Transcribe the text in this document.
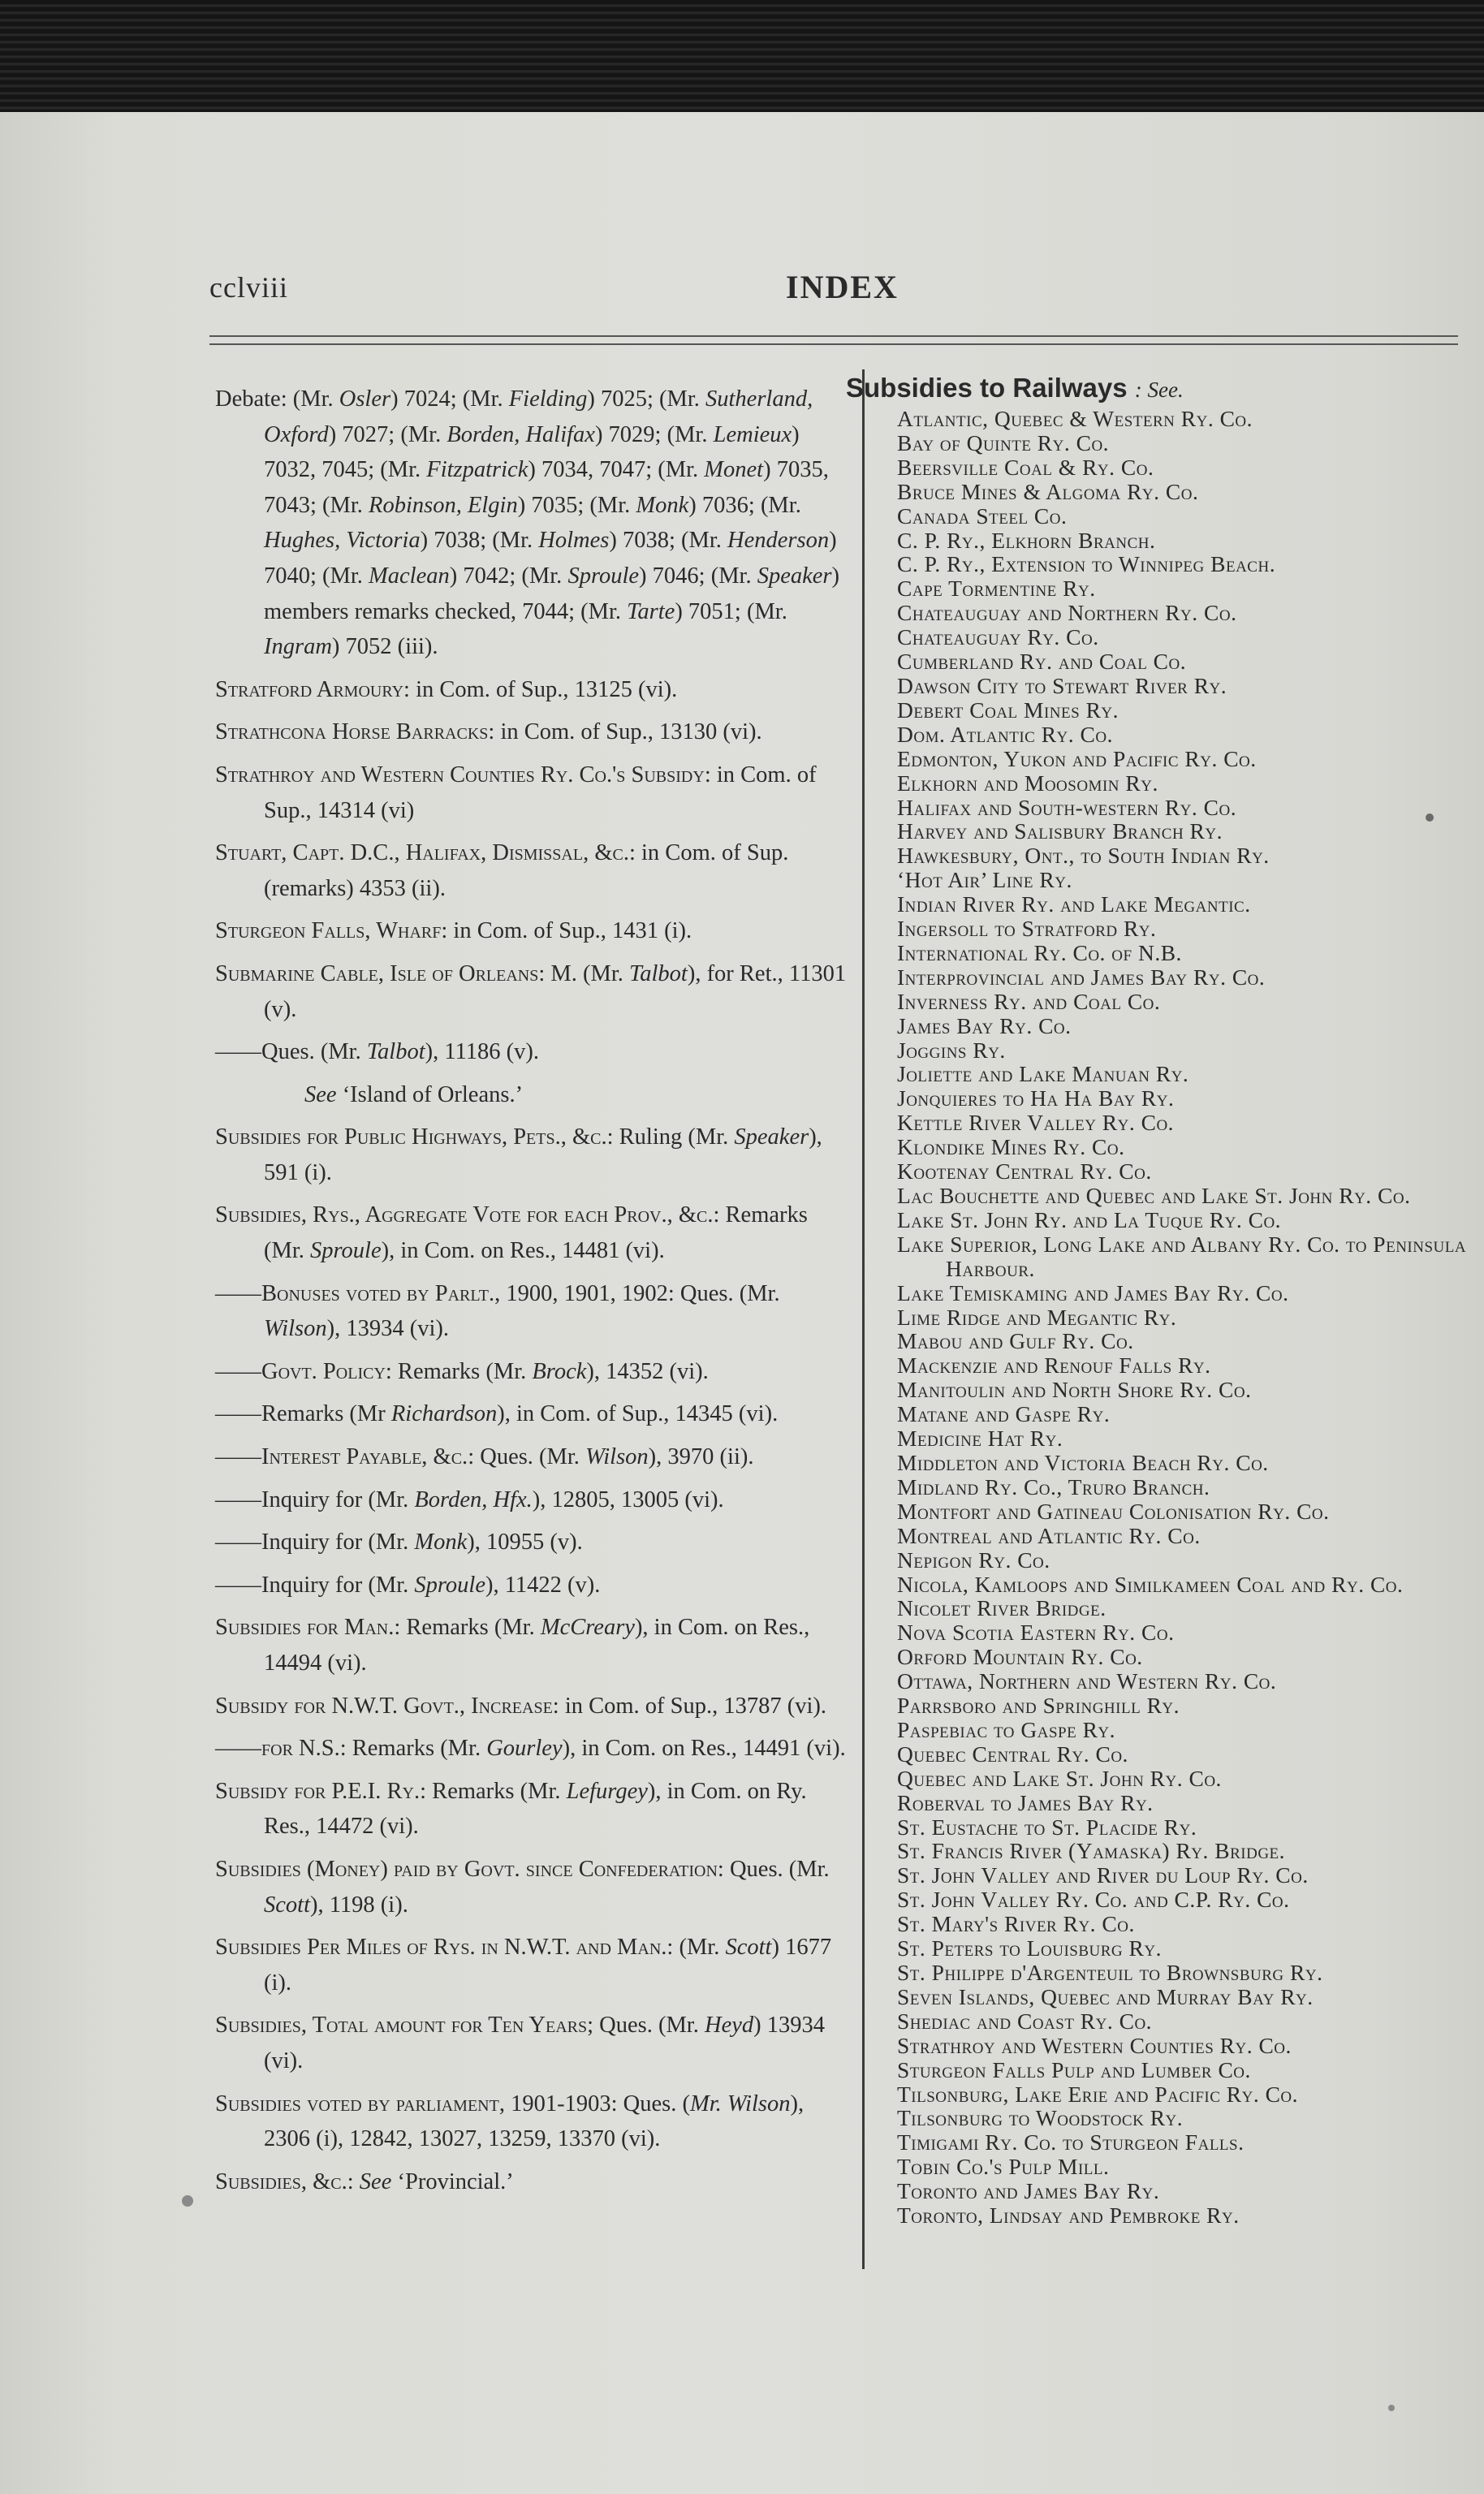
cclviii	INDEX

Debate: (Mr. Osler) 7024; (Mr. Fielding) 7025; (Mr. Sutherland, Oxford) 7027; (Mr. Borden, Halifax) 7029; (Mr. Lemieux) 7032, 7045; (Mr. Fitzpatrick) 7034, 7047; (Mr. Monet) 7035, 7043; (Mr. Robinson, Elgin) 7035; (Mr. Monk) 7036; (Mr. Hughes, Victoria) 7038; (Mr. Holmes) 7038; (Mr. Henderson) 7040; (Mr. Maclean) 7042; (Mr. Sproule) 7046; (Mr. Speaker) members remarks checked, 7044; (Mr. Tarte) 7051; (Mr. Ingram) 7052 (iii).

Stratford Armoury: in Com. of Sup., 13125 (vi).

Strathcona Horse Barracks: in Com. of Sup., 13130 (vi).

Strathroy and Western Counties Ry. Co.'s Subsidy: in Com. of Sup., 14314 (vi)

Stuart, Capt. D.C., Halifax, Dismissal, &c.: in Com. of Sup. (remarks) 4353 (ii).

Sturgeon Falls, Wharf: in Com. of Sup., 1431 (i).

Submarine Cable, Isle of Orleans: M. (Mr. Talbot), for Ret., 11301 (v).

——Ques. (Mr. Talbot), 11186 (v).

See ‘Island of Orleans.’

Subsidies for Public Highways, Pets., &c.: Ruling (Mr. Speaker), 591 (i).

Subsidies, Rys., Aggregate Vote for each Prov., &c.: Remarks (Mr. Sproule), in Com. on Res., 14481 (vi).

——Bonuses voted by Parlt., 1900, 1901, 1902: Ques. (Mr. Wilson), 13934 (vi).

——Govt. Policy: Remarks (Mr. Brock), 14352 (vi).

——Remarks (Mr Richardson), in Com. of Sup., 14345 (vi).

——Interest Payable, &c.: Ques. (Mr. Wilson), 3970 (ii).

——Inquiry for (Mr. Borden, Hfx.), 12805, 13005 (vi).

——Inquiry for (Mr. Monk), 10955 (v).

——Inquiry for (Mr. Sproule), 11422 (v).

Subsidies for Man.: Remarks (Mr. McCreary), in Com. on Res., 14494 (vi).

Subsidy for N.W.T. Govt., Increase: in Com. of Sup., 13787 (vi).

——for N.S.: Remarks (Mr. Gourley), in Com. on Res., 14491 (vi).

Subsidy for P.E.I. Ry.: Remarks (Mr. Lefurgey), in Com. on Ry. Res., 14472 (vi).

Subsidies (Money) paid by Govt. since Confederation: Ques. (Mr. Scott), 1198 (i).

Subsidies Per Miles of Rys. in N.W.T. and Man.: (Mr. Scott) 1677 (i).

Subsidies, Total amount for Ten Years; Ques. (Mr. Heyd) 13934 (vi).

Subsidies voted by parliament, 1901-1903: Ques. (Mr. Wilson), 2306 (i), 12842, 13027, 13259, 13370 (vi).

Subsidies, &c.: See ‘Provincial.’

Subsidies to Railways : See.
Atlantic, Quebec & Western Ry. Co.
Bay of Quinte Ry. Co.
Beersville Coal & Ry. Co.
Bruce Mines & Algoma Ry. Co.
Canada Steel Co.
C. P. Ry., Elkhorn Branch.
C. P. Ry., Extension to Winnipeg Beach.
Cape Tormentine Ry.
Chateauguay and Northern Ry. Co.
Chateauguay Ry. Co.
Cumberland Ry. and Coal Co.
Dawson City to Stewart River Ry.
Debert Coal Mines Ry.
Dom. Atlantic Ry. Co.
Edmonton, Yukon and Pacific Ry. Co.
Elkhorn and Moosomin Ry.
Halifax and South-western Ry. Co.
Harvey and Salisbury Branch Ry.
Hawkesbury, Ont., to South Indian Ry.
‘Hot Air’ Line Ry.
Indian River Ry. and Lake Megantic.
Ingersoll to Stratford Ry.
International Ry. Co. of N.B.
Interprovincial and James Bay Ry. Co.
Inverness Ry. and Coal Co.
James Bay Ry. Co.
Joggins Ry.
Joliette and Lake Manuan Ry.
Jonquieres to Ha Ha Bay Ry.
Kettle River Valley Ry. Co.
Klondike Mines Ry. Co.
Kootenay Central Ry. Co.
Lac Bouchette and Quebec and Lake St. John Ry. Co.
Lake St. John Ry. and La Tuque Ry. Co.
Lake Superior, Long Lake and Albany Ry. Co. to Peninsula Harbour.
Lake Temiskaming and James Bay Ry. Co.
Lime Ridge and Megantic Ry.
Mabou and Gulf Ry. Co.
Mackenzie and Renouf Falls Ry.
Manitoulin and North Shore Ry. Co.
Matane and Gaspe Ry.
Medicine Hat Ry.
Middleton and Victoria Beach Ry. Co.
Midland Ry. Co., Truro Branch.
Montfort and Gatineau Colonisation Ry. Co.
Montreal and Atlantic Ry. Co.
Nepigon Ry. Co.
Nicola, Kamloops and Similkameen Coal and Ry. Co.
Nicolet River Bridge.
Nova Scotia Eastern Ry. Co.
Orford Mountain Ry. Co.
Ottawa, Northern and Western Ry. Co.
Parrsboro and Springhill Ry.
Paspebiac to Gaspe Ry.
Quebec Central Ry. Co.
Quebec and Lake St. John Ry. Co.
Roberval to James Bay Ry.
St. Eustache to St. Placide Ry.
St. Francis River (Yamaska) Ry. Bridge.
St. John Valley and River du Loup Ry. Co.
St. John Valley Ry. Co. and C.P. Ry. Co.
St. Mary's River Ry. Co.
St. Peters to Louisburg Ry.
St. Philippe d'Argenteuil to Brownsburg Ry.
Seven Islands, Quebec and Murray Bay Ry.
Shediac and Coast Ry. Co.
Strathroy and Western Counties Ry. Co.
Sturgeon Falls Pulp and Lumber Co.
Tilsonburg, Lake Erie and Pacific Ry. Co.
Tilsonburg to Woodstock Ry.
Timigami Ry. Co. to Sturgeon Falls.
Tobin Co.'s Pulp Mill.
Toronto and James Bay Ry.
Toronto, Lindsay and Pembroke Ry.
